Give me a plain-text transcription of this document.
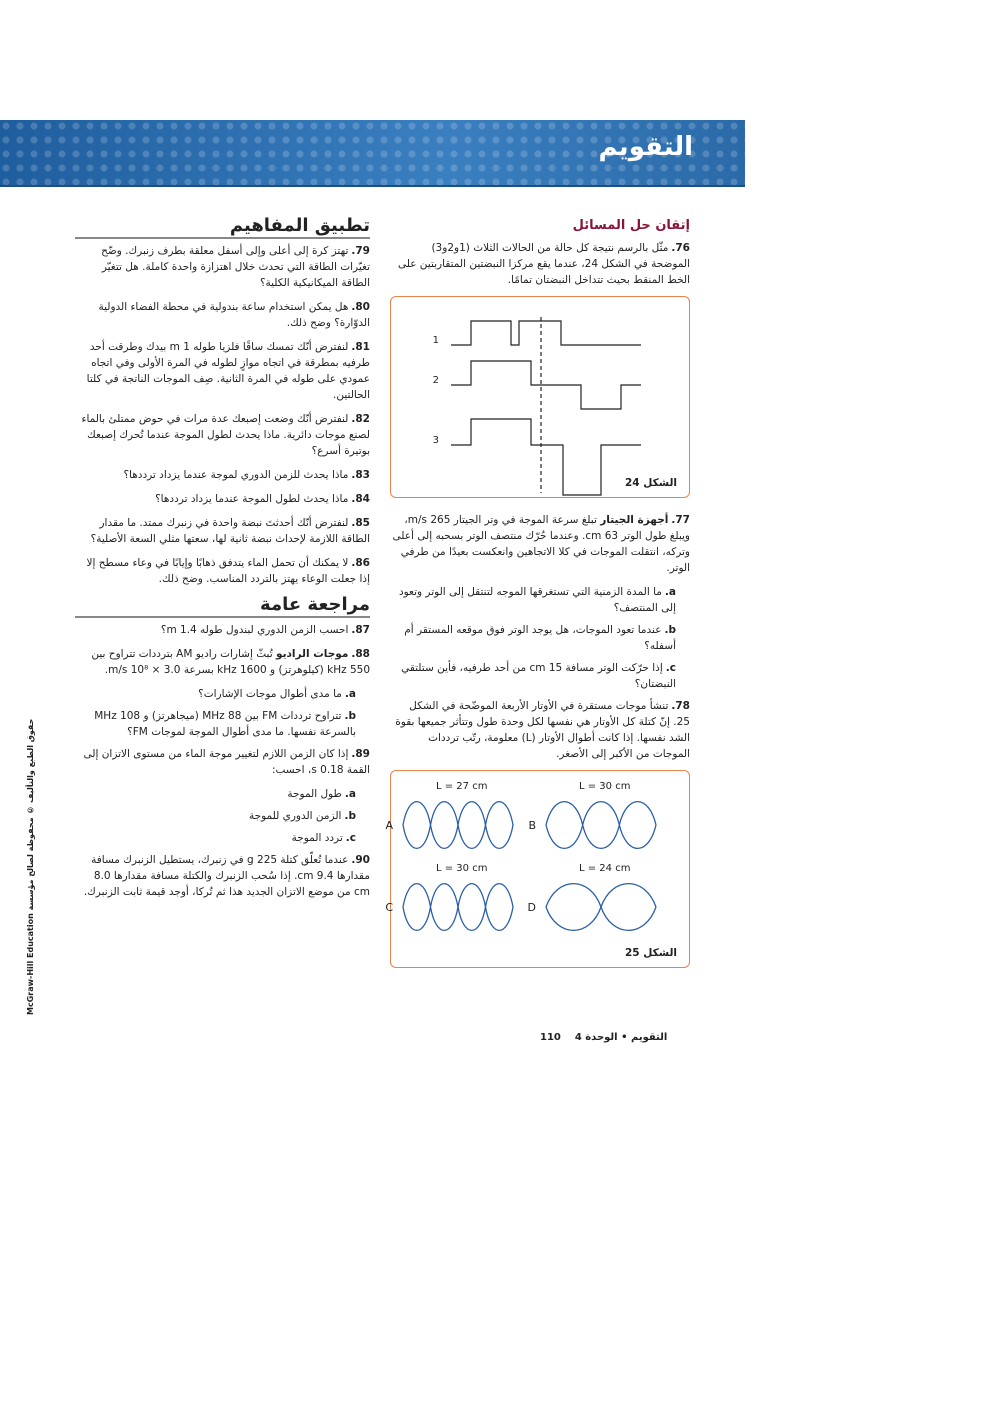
التقويم
إتقان حل المسائل
76.مثّل بالرسم نتيجة كل حالة من الحالات الثلاث (1و2و3) الموضحة في الشكل 24، عندما يقع مركزا النبضتين المتقاربتين على الخط المنقط بحيث تتداخل النبضتان تمامًا.
1
2
3
الشكل 24
77.أجهزة الجيتار تبلغ سرعة الموجة في وتر الجيتار 265 m/s، ويبلغ طول الوتر 63 cm. وعندما حُرّك منتصف الوتر بسحبه إلى أعلى وتركه، انتقلت الموجات في كلا الاتجاهين وانعكست بعيدًا من طرفي الوتر.
a.ما المدة الزمنية التي تستغرقها الموجه لتنتقل إلى الوتر وتعود إلى المنتصف؟
b.عندما تعود الموجات، هل يوجد الوتر فوق موقعه المستقر أم أسفله؟
c.إذا حرّكت الوتر مسافة 15 cm من أحد طرفيه، فأين ستلتقي النبضتان؟
78.تنشأ موجات مستقرة في الأوتار الأربعة الموضّحة في الشكل 25. إنّ كتلة كل الأوتار هي نفسها لكل وحدة طول وتتأثر جميعها بقوة الشد نفسها. إذا كانت أطوال الأوتار (L) معلومة، رتّب ترددات الموجات من الأكبر إلى الأصغر.
L = 27 cm
A
L = 30 cm
B
L = 30 cm
C
L = 24 cm
D
الشكل 25
تطبيق المفاهيم
79.تهتز كرة إلى أعلى وإلى أسفل معلقة بطرف زنبرك. وضّح تغيّرات الطاقة التي تحدث خلال اهتزازة واحدة كاملة. هل تتغيّر الطاقة الميكانيكية الكلية؟
80.هل يمكن استخدام ساعة بندولية في محطة الفضاء الدولية الدوّارة؟ وضح ذلك.
81.لنفترض أنّك تمسك ساقًا فلزيا طوله 1 m بيدك وطرقت أحد طرفيه بمطرقة في اتجاه موازٍ لطوله في المرة الأولى وفي اتجاه عمودي على طوله في المرة الثانية. صِف الموجات الناتجة في كلتا الحالتين.
82.لنفترض أنّك وضعت إصبعك عدة مرات في حوض ممتلئ بالماء لصنع موجات دائرية. ماذا يحدث لطول الموجة عندما تُحرك إصبعك بوتيرة أسرع؟
83.ماذا يحدث للزمن الدوري لموجة عندما يزداد ترددها؟
84.ماذا يحدث لطول الموجة عندما يزداد ترددها؟
85.لنفترض أنّك أحدثتَ نبضة واحدة في زنبرك ممتد. ما مقدار الطاقة اللازمة لإحداث نبضة ثانية لها، سعتها مثلي السعة الأصلية؟
86.لا يمكنك أن تحمل الماء يتدفق ذهابًا وإيابًا في وعاء مسطح إلا إذا جعلت الوعاء يهتز بالتردد المناسب. وضح ذلك.
مراجعة عامة
87.احسب الزمن الدوري لبندول طوله 1.4 m؟
88.موجات الراديو تُبثّ إشارات راديو AM بترددات تتراوح بين 550 kHz (كيلوهرتز) و 1600 kHz بسرعة 3.0 × 10⁸ m/s.
a.ما مدى أطوال موجات الإشارات؟
b.تتراوح ترددات FM بين 88 MHz (ميجاهرتز) و 108 MHz بالسرعة نفسها. ما مدى أطوال الموجة لموجات FM؟
89.إذا كان الزمن اللازم لتغيير موجة الماء من مستوى الاتزان إلى القمة 0.18 s، احسب:
a.طول الموجة
b.الزمن الدوري للموجة
c.تردد الموجة
90.عندما تُعلّق كتلة 225 g في زنبرك، يستطيل الزنبرك مسافة مقدارها 9.4 cm. إذا سُحب الزنبرك والكتلة مسافة مقدارها 8.0 cm من موضع الاتزان الجديد هذا ثم تُركا، أوجد قيمة ثابت الزنبرك.
McGraw-Hill Education حقوق الطبع والتأليف © محفوظة لصالح مؤسسة
التقويم • الوحدة 4    110
